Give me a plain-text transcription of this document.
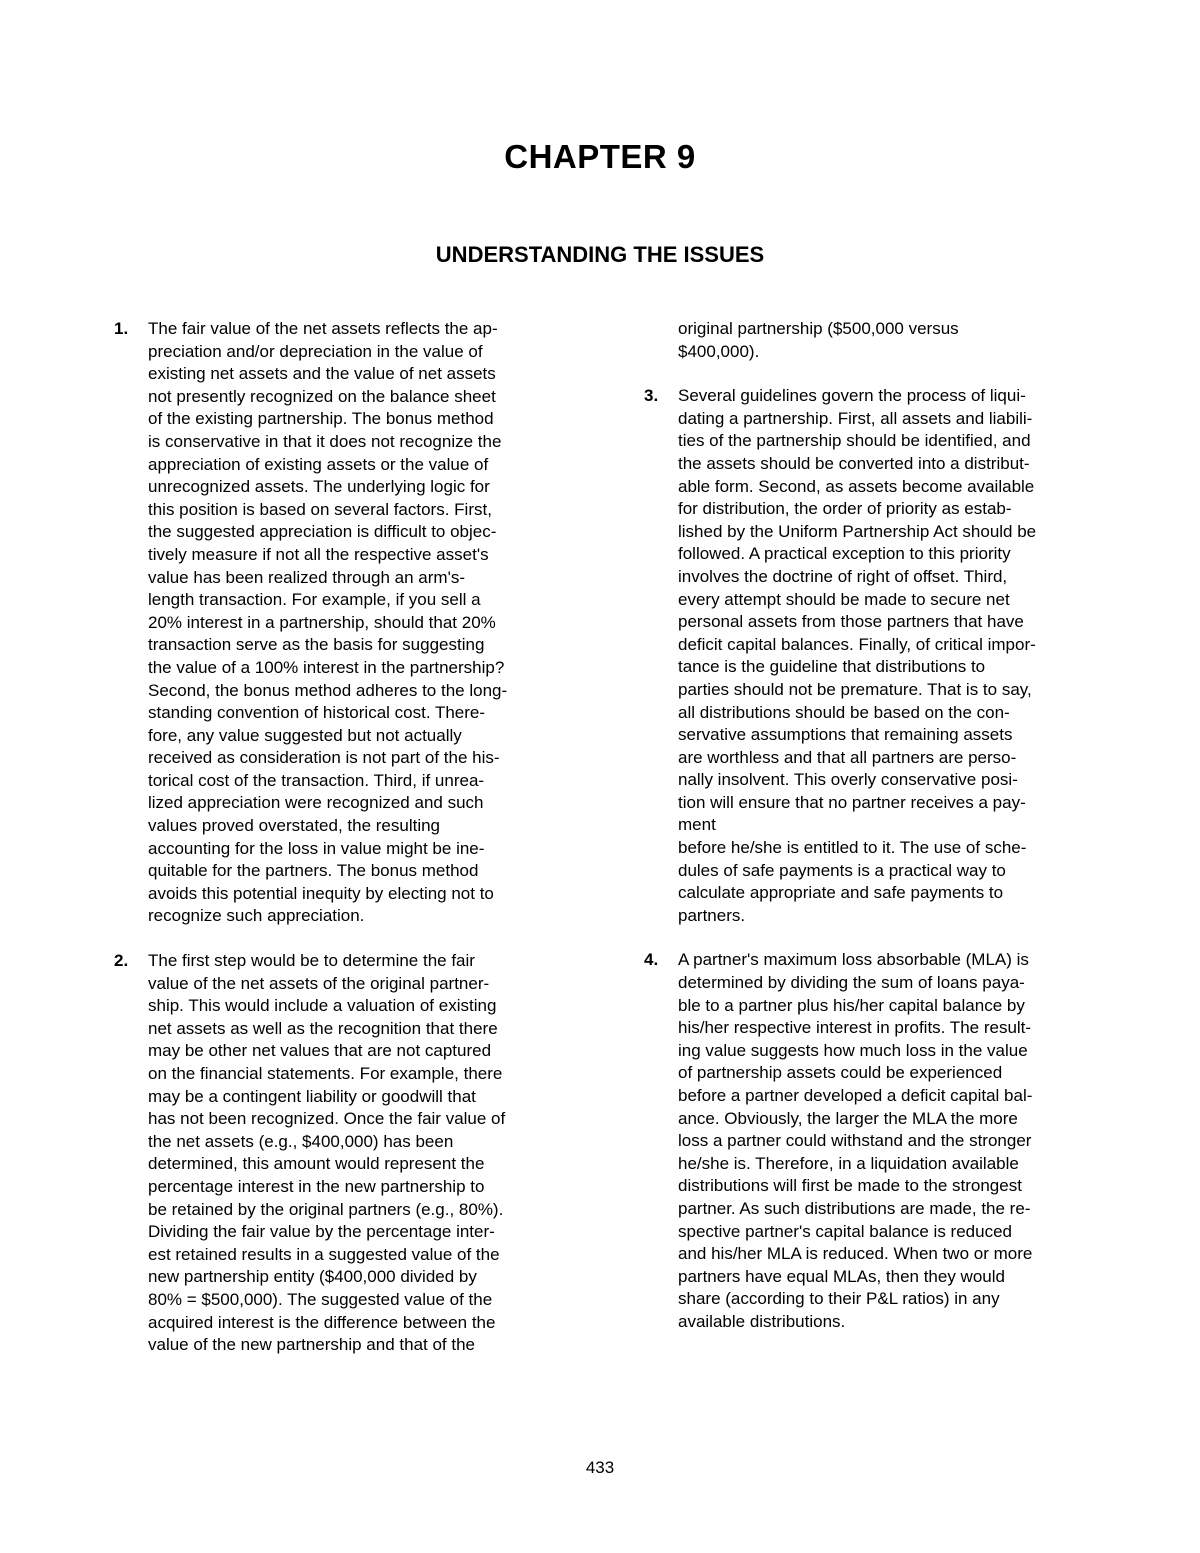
CHAPTER 9
UNDERSTANDING THE ISSUES
1. The fair value of the net assets reflects the ap-
preciation and/or depreciation in the value of
existing net assets and the value of net assets
not presently recognized on the balance sheet
of the existing partnership. The bonus method
is conservative in that it does not recognize the
appreciation of existing assets or the value of
unrecognized assets. The underlying logic for
this position is based on several factors. First,
the suggested appreciation is difficult to objec-
tively measure if not all the respective asset's
value has been realized through an arm's-
length transaction. For example, if you sell a
20% interest in a partnership, should that 20%
transaction serve as the basis for suggesting
the value of a 100% interest in the partnership?
Second, the bonus method adheres to the long-
standing convention of historical cost. There-
fore, any value suggested but not actually
received as consideration is not part of the his-
torical cost of the transaction. Third, if unrea-
lized appreciation were recognized and such
values proved overstated, the resulting
accounting for the loss in value might be ine-
quitable for the partners. The bonus method
avoids this potential inequity by electing not to
recognize such appreciation.

2. The first step would be to determine the fair
value of the net assets of the original partner-
ship. This would include a valuation of existing
net assets as well as the recognition that there
may be other net values that are not captured
on the financial statements. For example, there
may be a contingent liability or goodwill that
has not been recognized. Once the fair value of
the net assets (e.g., $400,000) has been
determined, this amount would represent the
percentage interest in the new partnership to
be retained by the original partners (e.g., 80%).
Dividing the fair value by the percentage inter-
est retained results in a suggested value of the
new partnership entity ($400,000 divided by
80% = $500,000). The suggested value of the
acquired interest is the difference between the
value of the new partnership and that of the

original partnership ($500,000 versus
$400,000).

3. Several guidelines govern the process of liqui-
dating a partnership. First, all assets and liabili-
ties of the partnership should be identified, and
the assets should be converted into a distribut-
able form. Second, as assets become available
for distribution, the order of priority as estab-
lished by the Uniform Partnership Act should be
followed. A practical exception to this priority
involves the doctrine of right of offset. Third,
every attempt should be made to secure net
personal assets from those partners that have
deficit capital balances. Finally, of critical impor-
tance is the guideline that distributions to
parties should not be premature. That is to say,
all distributions should be based on the con-
servative assumptions that remaining assets
are worthless and that all partners are perso-
nally insolvent. This overly conservative posi-
tion will ensure that no partner receives a pay-
ment
before he/she is entitled to it. The use of sche-
dules of safe payments is a practical way to
calculate appropriate and safe payments to
partners.

4. A partner's maximum loss absorbable (MLA) is
determined by dividing the sum of loans paya-
ble to a partner plus his/her capital balance by
his/her respective interest in profits. The result-
ing value suggests how much loss in the value
of partnership assets could be experienced
before a partner developed a deficit capital bal-
ance. Obviously, the larger the MLA the more
loss a partner could withstand and the stronger
he/she is. Therefore, in a liquidation available
distributions will first be made to the strongest
partner. As such distributions are made, the re-
spective partner's capital balance is reduced
and his/her MLA is reduced. When two or more
partners have equal MLAs, then they would
share (according to their P&L ratios) in any
available distributions.

433
